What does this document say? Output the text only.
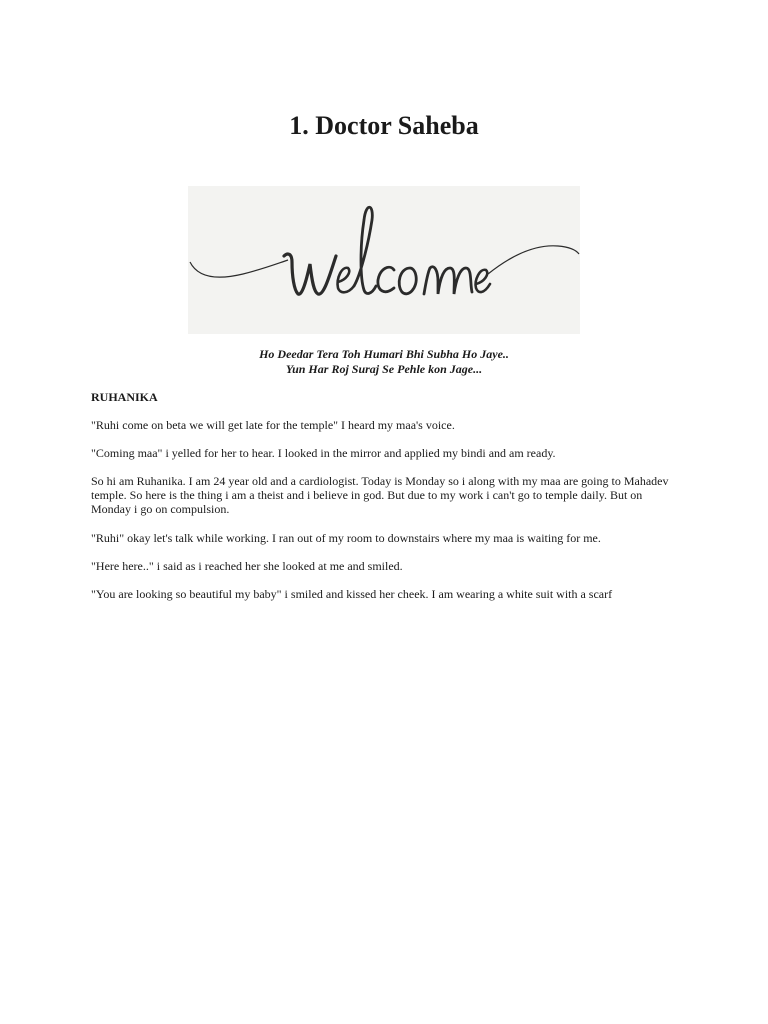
1. Doctor Saheba
Ho Deedar Tera Toh Humari Bhi Subha Ho Jaye..
Yun Har Roj Suraj Se Pehle kon Jage...
RUHANIKA
"Ruhi come on beta we will get late for the temple" I heard my maa's voice.
"Coming maa" i yelled for her to hear. I looked in the mirror and applied my bindi and am ready.
So hi am Ruhanika. I am 24 year old and a cardiologist. Today is Monday so i along with my maa are going to Mahadev temple. So here is the thing i am a theist and i believe in god. But due to my work i can't go to temple daily. But on Monday i go on compulsion.
"Ruhi" okay let's talk while working. I ran out of my room to downstairs where my maa is waiting for me.
"Here here.." i said as i reached her she looked at me and smiled.
"You are looking so beautiful my baby" i smiled and kissed her cheek. I am wearing a white suit with a scarf
